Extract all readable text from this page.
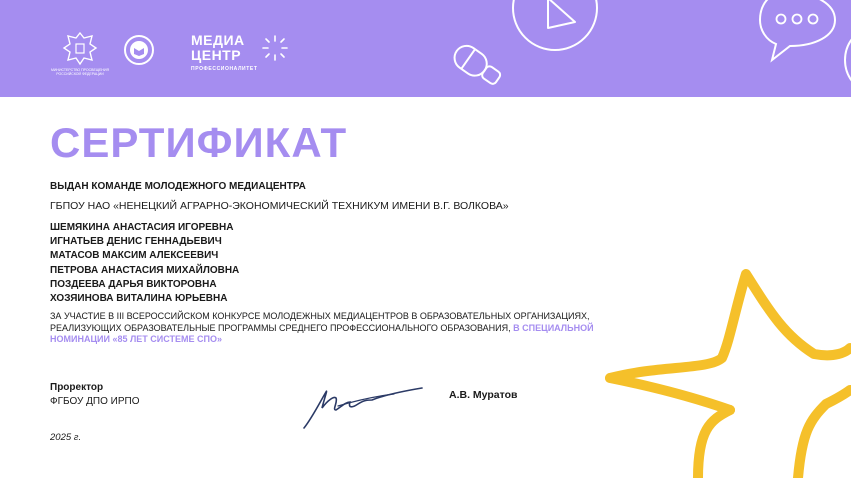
МИНИСТЕРСТВО ПРОСВЕЩЕНИЯ РОССИЙСКОЙ ФЕДЕРАЦИИ
МЕДИА
ЦЕНТР
ПРОФЕССИОНАЛИТЕТ
СЕРТИФИКАТ

ВЫДАН КОМАНДЕ МОЛОДЕЖНОГО МЕДИАЦЕНТРА

ГБПОУ НАО «НЕНЕЦКИЙ АГРАРНО-ЭКОНОМИЧЕСКИЙ ТЕХНИКУМ ИМЕНИ В.Г. ВОЛКОВА»

ШЕМЯКИНА АНАСТАСИЯ ИГОРЕВНА
ИГНАТЬЕВ ДЕНИС ГЕННАДЬЕВИЧ
МАТАСОВ МАКСИМ АЛЕКСЕЕВИЧ
ПЕТРОВА АНАСТАСИЯ МИХАЙЛОВНА
ПОЗДЕЕВА ДАРЬЯ ВИКТОРОВНА
ХОЗЯИНОВА ВИТАЛИНА ЮРЬЕВНА

ЗА УЧАСТИЕ В III ВСЕРОССИЙСКОМ КОНКУРСЕ МОЛОДЕЖНЫХ МЕДИАЦЕНТРОВ В ОБРАЗОВАТЕЛЬНЫХ ОРГАНИЗАЦИЯХ, РЕАЛИЗУЮЩИХ ОБРАЗОВАТЕЛЬНЫЕ ПРОГРАММЫ СРЕДНЕГО ПРОФЕССИОНАЛЬНОГО ОБРАЗОВАНИЯ, В СПЕЦИАЛЬНОЙ НОМИНАЦИИ «85 ЛЕТ СИСТЕМЕ СПО»

Проректор

ФГБОУ ДПО ИРПО

А.В. Муратов

2025 г.
